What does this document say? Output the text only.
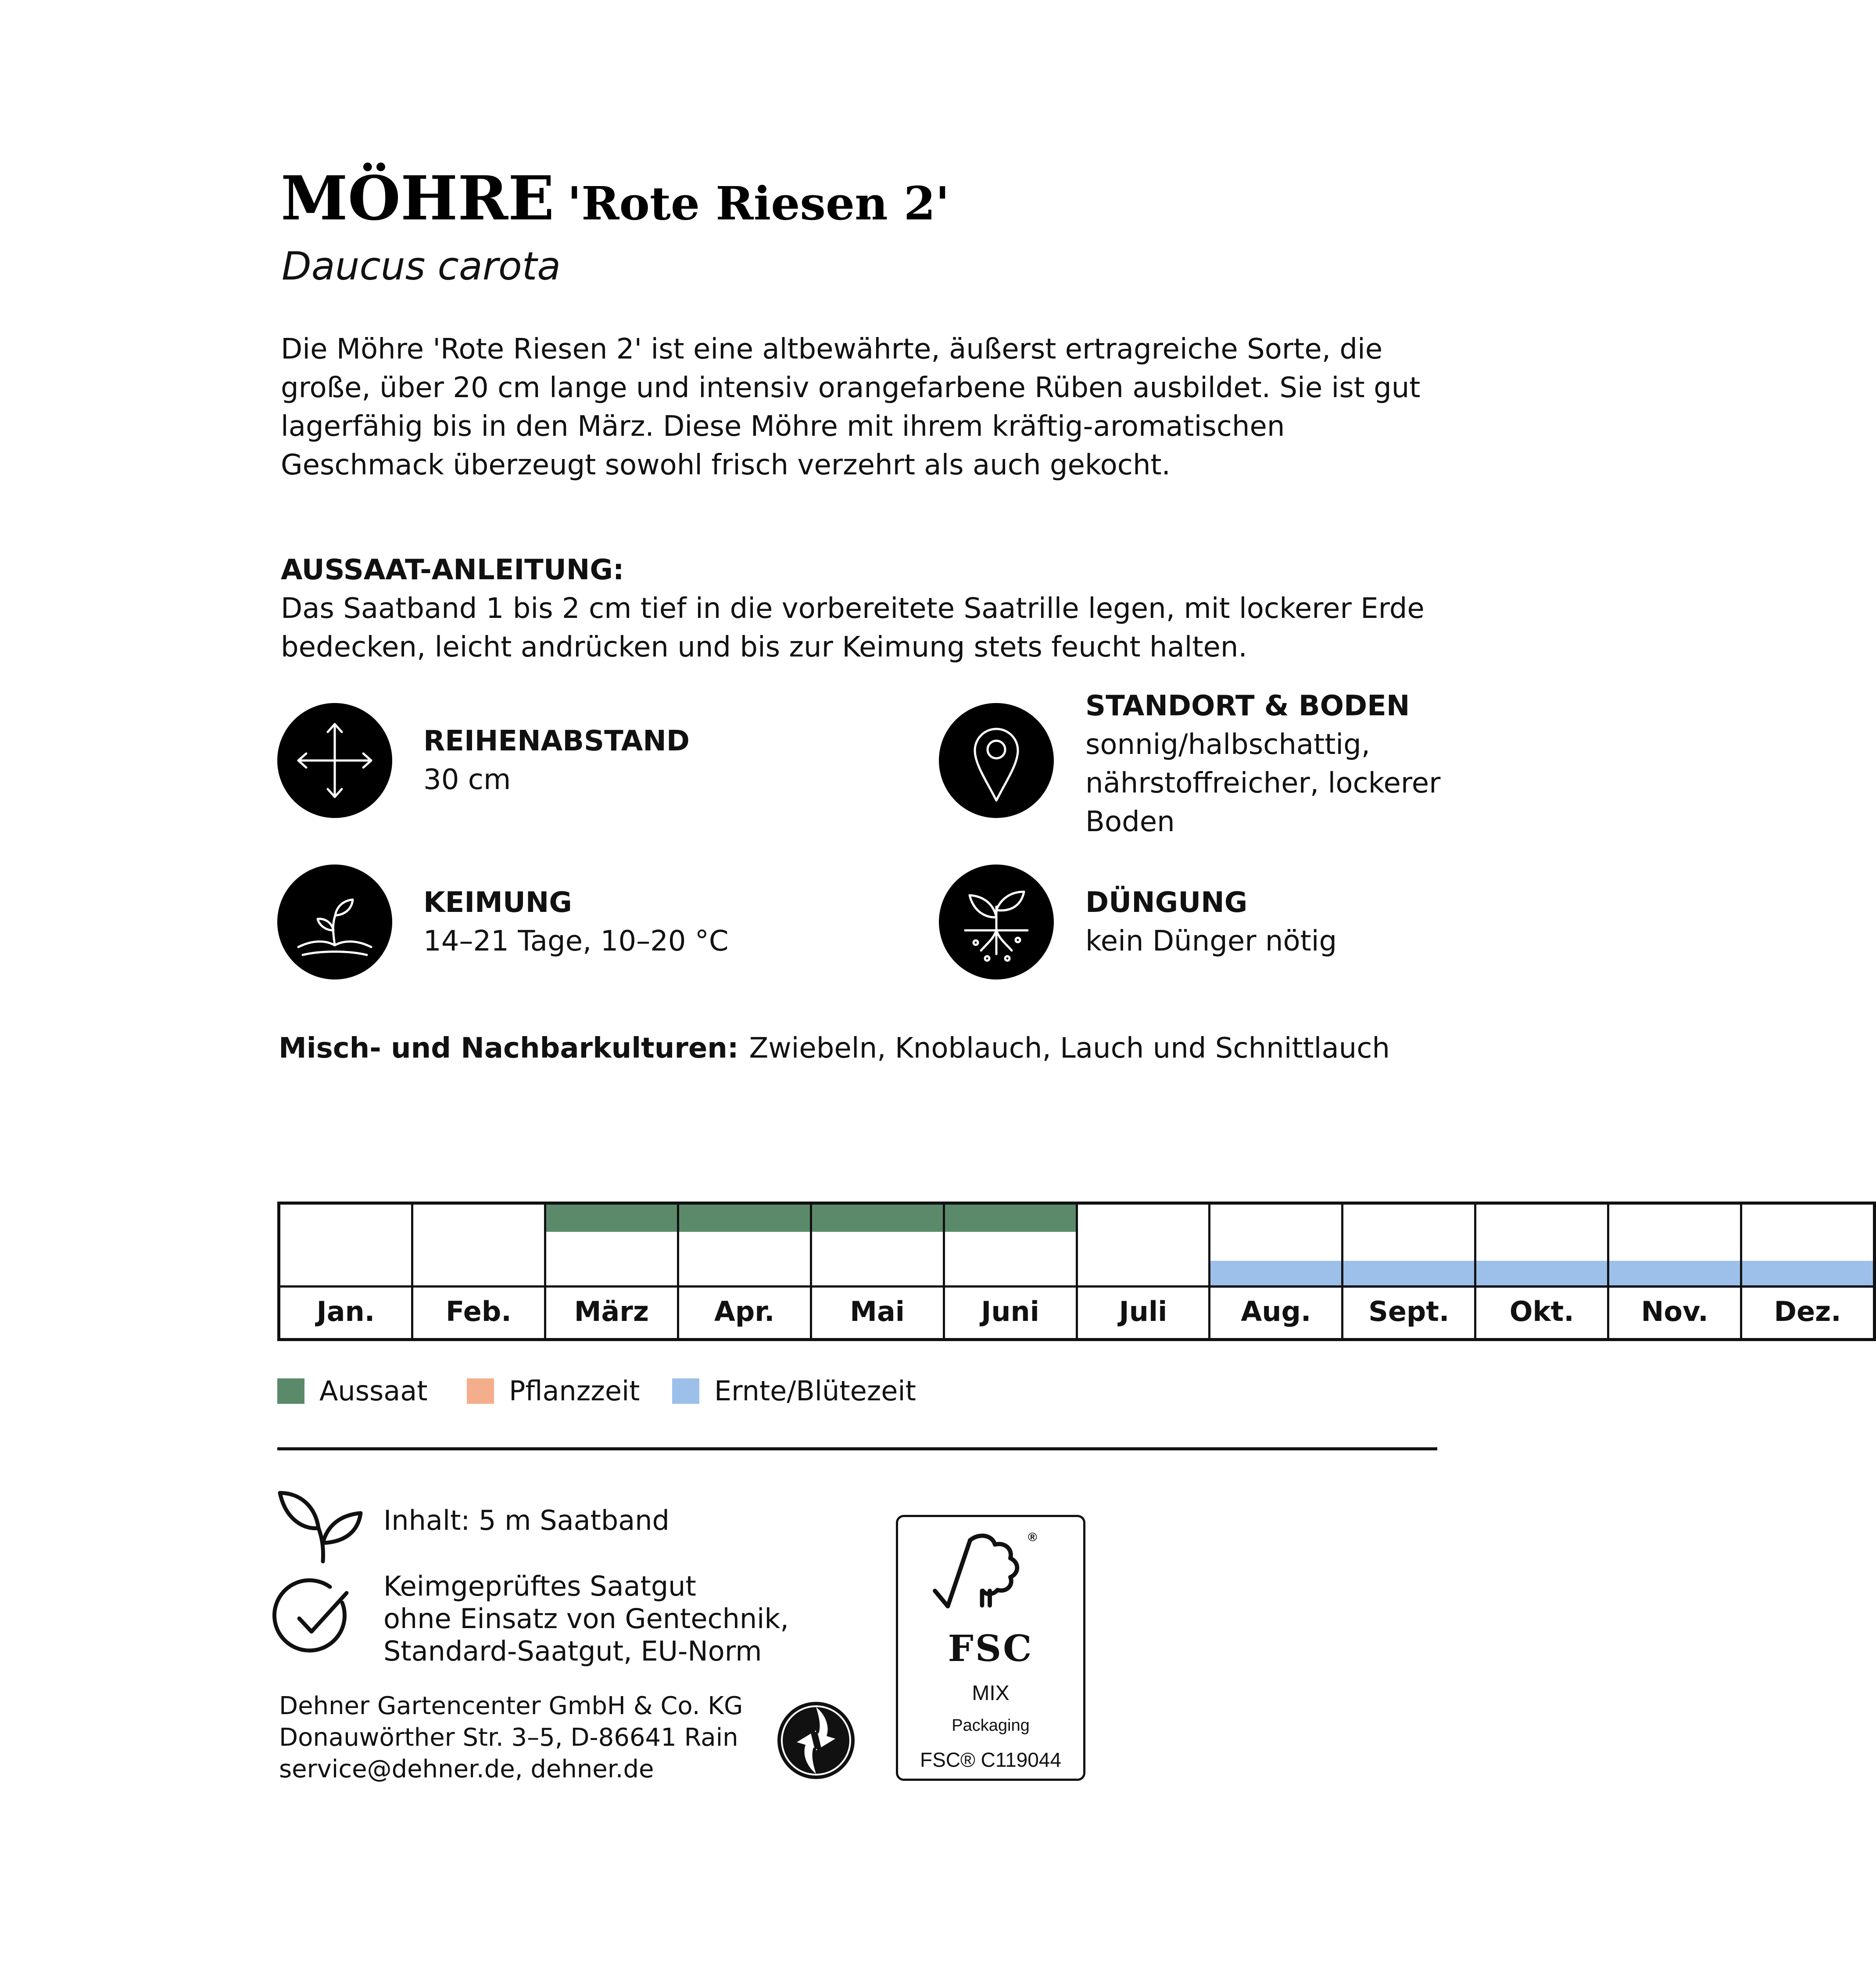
MÖHRE 'Rote Riesen 2'
Daucus carota
Die Möhre 'Rote Riesen 2' ist eine altbewährte, äußerst ertragreiche Sorte, die große, über 20 cm lange und intensiv orangefarbene Rüben ausbildet. Sie ist gut lagerfähig bis in den März. Diese Möhre mit ihrem kräftig-aromatischen Geschmack überzeugt sowohl frisch verzehrt als auch gekocht.
AUSSAAT-ANLEITUNG:
Das Saatband 1 bis 2 cm tief in die vorbereitete Saatrille legen, mit lockerer Erde bedecken, leicht andrücken und bis zur Keimung stets feucht halten.
REIHENABSTAND
30 cm
STANDORT & BODEN
sonnig/halbschattig, nährstoffreicher, lockerer Boden
KEIMUNG
14–21 Tage, 10–20 °C
DÜNGUNG
kein Dünger nötig
Misch- und Nachbarkulturen: Zwiebeln, Knoblauch, Lauch und Schnittlauch
Jan.	Feb.	März	Apr.	Mai	Juni	Juli	Aug.	Sept.	Okt.	Nov.	Dez.
Aussaat	Pflanzzeit	Ernte/Blütezeit
Inhalt: 5 m Saatband
Keimgeprüftes Saatgut
ohne Einsatz von Gentechnik,
Standard-Saatgut, EU-Norm
Dehner Gartencenter GmbH & Co. KG
Donauwörther Str. 3–5, D-86641 Rain
service@dehner.de, dehner.de
®
FSC
MIX
Packaging
FSC® C119044
